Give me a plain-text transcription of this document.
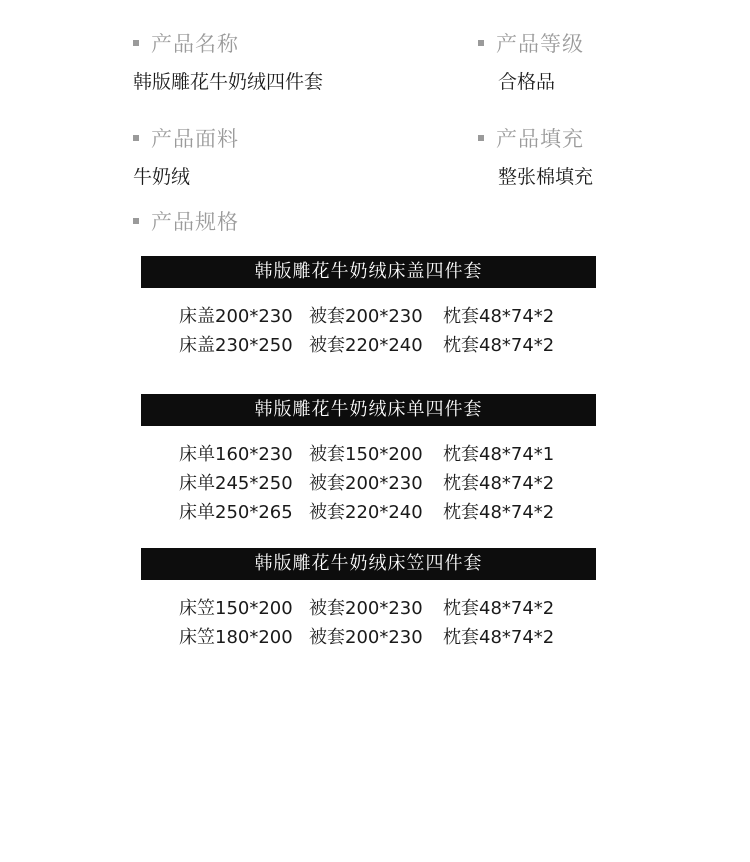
产品名称
韩版雕花牛奶绒四件套
产品等级
合格品
产品面料
牛奶绒
产品填充
整张棉填充
产品规格
韩版雕花牛奶绒床盖四件套
床盖200*230 被套200*230 枕套48*74*2
床盖230*250 被套220*240 枕套48*74*2
韩版雕花牛奶绒床单四件套
床单160*230 被套150*200 枕套48*74*1
床单245*250 被套200*230 枕套48*74*2
床单250*265 被套220*240 枕套48*74*2
韩版雕花牛奶绒床笠四件套
床笠150*200 被套200*230 枕套48*74*2
床笠180*200 被套200*230 枕套48*74*2
